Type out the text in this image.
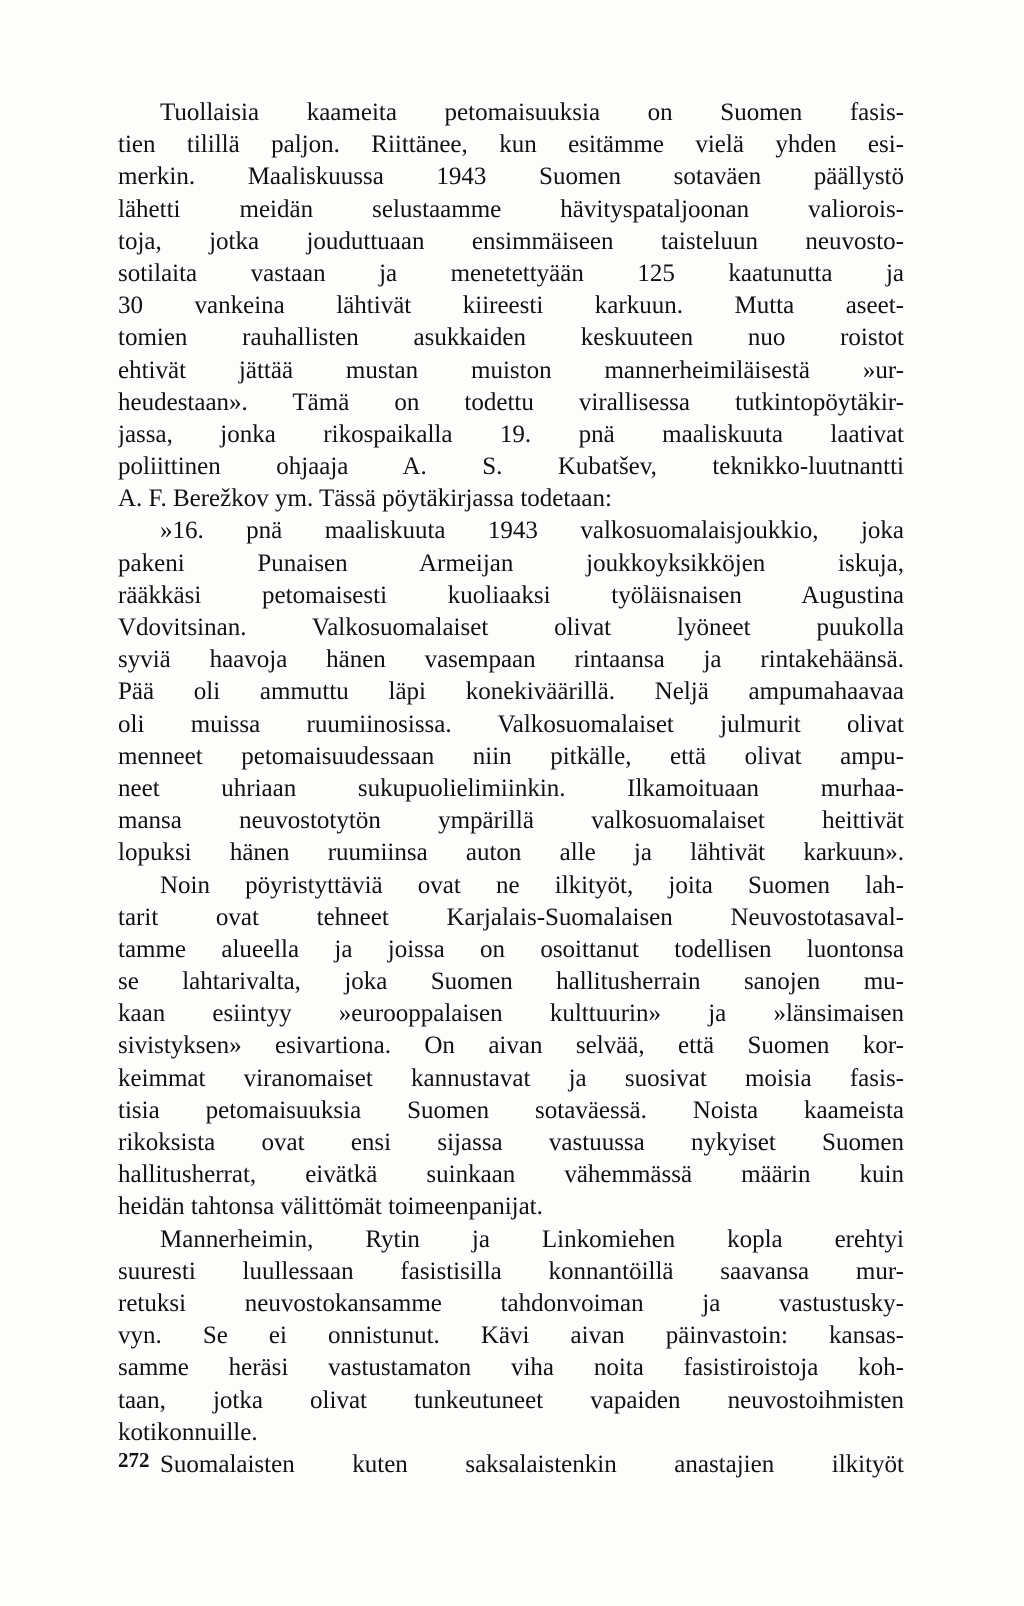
Tuollaisia kaameita petomaisuuksia on Suomen fasis-
tien tilillä paljon. Riittänee, kun esitämme vielä yhden esi-
merkin. Maaliskuussa 1943 Suomen sotaväen päällystö
lähetti meidän selustaamme hävityspataljoonan valiorois-
toja, jotka jouduttuaan ensimmäiseen taisteluun neuvosto-
sotilaita vastaan ja menetettyään 125 kaatunutta ja
30 vankeina lähtivät kiireesti karkuun. Mutta aseet-
tomien rauhallisten asukkaiden keskuuteen nuo roistot
ehtivät jättää mustan muiston mannerheimiläisestä »ur-
heudestaan». Tämä on todettu virallisessa tutkintopöytäkir-
jassa, jonka rikospaikalla 19. pnä maaliskuuta laativat
poliittinen ohjaaja A. S. Kubatšev, teknikko-luutnantti
A. F. Berežkov ym. Tässä pöytäkirjassa todetaan:
»16. pnä maaliskuuta 1943 valkosuomalaisjoukkio, joka
pakeni Punaisen Armeijan joukkoyksikköjen iskuja,
rääkkäsi petomaisesti kuoliaaksi työläisnaisen Augustina
Vdovitsinan. Valkosuomalaiset olivat lyöneet puukolla
syviä haavoja hänen vasempaan rintaansa ja rintakehäänsä.
Pää oli ammuttu läpi konekiväärillä. Neljä ampumahaavaa
oli muissa ruumiinosissa. Valkosuomalaiset julmurit olivat
menneet petomaisuudessaan niin pitkälle, että olivat ampu-
neet uhriaan sukupuolielimiinkin. Ilkamoituaan murhaa-
mansa neuvostotytön ympärillä valkosuomalaiset heittivät
lopuksi hänen ruumiinsa auton alle ja lähtivät karkuun».
Noin pöyristyttäviä ovat ne ilkityöt, joita Suomen lah-
tarit ovat tehneet Karjalais-Suomalaisen Neuvostotasaval-
tamme alueella ja joissa on osoittanut todellisen luontonsa
se lahtarivalta, joka Suomen hallitusherrain sanojen mu-
kaan esiintyy »eurooppalaisen kulttuurin» ja »länsimaisen
sivistyksen» esivartiona. On aivan selvää, että Suomen kor-
keimmat viranomaiset kannustavat ja suosivat moisia fasis-
tisia petomaisuuksia Suomen sotaväessä. Noista kaameista
rikoksista ovat ensi sijassa vastuussa nykyiset Suomen
hallitusherrat, eivätkä suinkaan vähemmässä määrin kuin
heidän tahtonsa välittömät toimeenpanijat.
Mannerheimin, Rytin ja Linkomiehen kopla erehtyi
suuresti luullessaan fasistisilla konnantöillä saavansa mur-
retuksi neuvostokansamme tahdonvoiman ja vastustusky-
vyn. Se ei onnistunut. Kävi aivan päinvastoin: kansas-
samme heräsi vastustamaton viha noita fasistiroistoja koh-
taan, jotka olivat tunkeutuneet vapaiden neuvostoihmisten
kotikonnuille.
Suomalaisten kuten saksalaistenkin anastajien ilkityöt
272
